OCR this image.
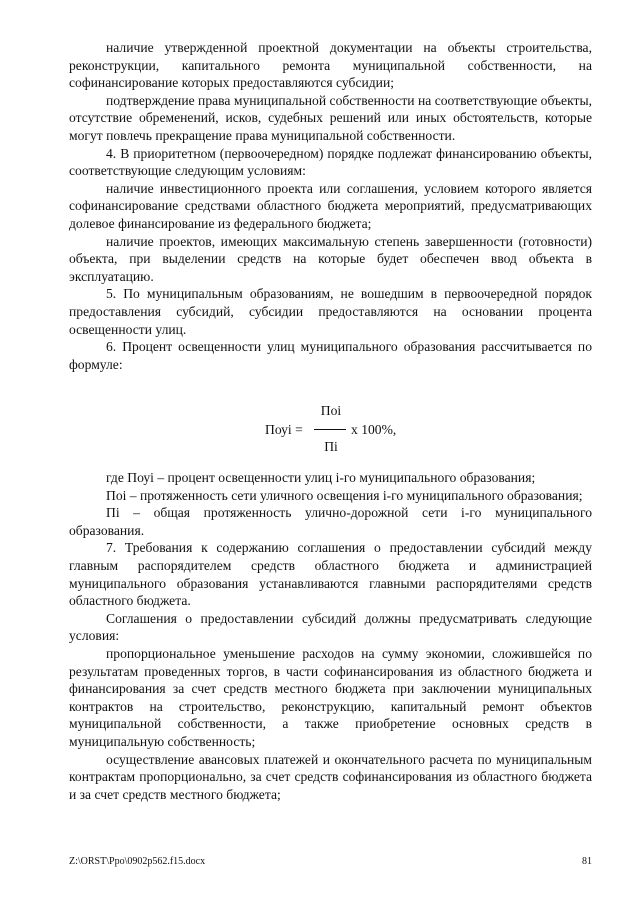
наличие утвержденной проектной документации на объекты строительства, реконструкции, капитального ремонта муниципальной собственности, на софинансирование которых предоставляются субсидии;

подтверждение права муниципальной собственности на соответствующие объекты, отсутствие обременений, исков, судебных решений или иных обстоятельств, которые могут повлечь прекращение права муниципальной собственности.

4. В приоритетном (первоочередном) порядке подлежат финансированию объекты, соответствующие следующим условиям:

наличие инвестиционного проекта или соглашения, условием которого является софинансирование средствами областного бюджета мероприятий, предусматривающих долевое финансирование из федерального бюджета;

наличие проектов, имеющих максимальную степень завершенности (готовности) объекта, при выделении средств на которые будет обеспечен ввод объекта в эксплуатацию.

5. По муниципальным образованиям, не вошедшим в первоочередной порядок предоставления субсидий, субсидии предоставляются на основании процента освещенности улиц.

6. Процент освещенности улиц муниципального образования рассчитывается по формуле:

Поуi =
Поi
Пi
x 100%,

где Поуi – процент освещенности улиц i-го муниципального образования;

Поi – протяженность сети уличного освещения i-го муниципального образования;

Пi – общая протяженность улично-дорожной сети i-го муниципального образования.

7. Требования к содержанию соглашения о предоставлении субсидий между главным распорядителем средств областного бюджета и администрацией муниципального образования устанавливаются главными распорядителями средств областного бюджета.

Соглашения о предоставлении субсидий должны предусматривать следующие условия:

пропорциональное уменьшение расходов на сумму экономии, сложившейся по результатам проведенных торгов, в части софинансирования из областного бюджета и финансирования за счет средств местного бюджета при заключении муниципальных контрактов на строительство, реконструкцию, капитальный ремонт объектов муниципальной собственности, а также приобретение основных средств в муниципальную собственность;

осуществление авансовых платежей и окончательного расчета по муниципальным контрактам пропорционально, за счет средств софинансирования из областного бюджета и за счет средств местного бюджета;

Z:\ORST\Ppo\0902p562.f15.docx	81
